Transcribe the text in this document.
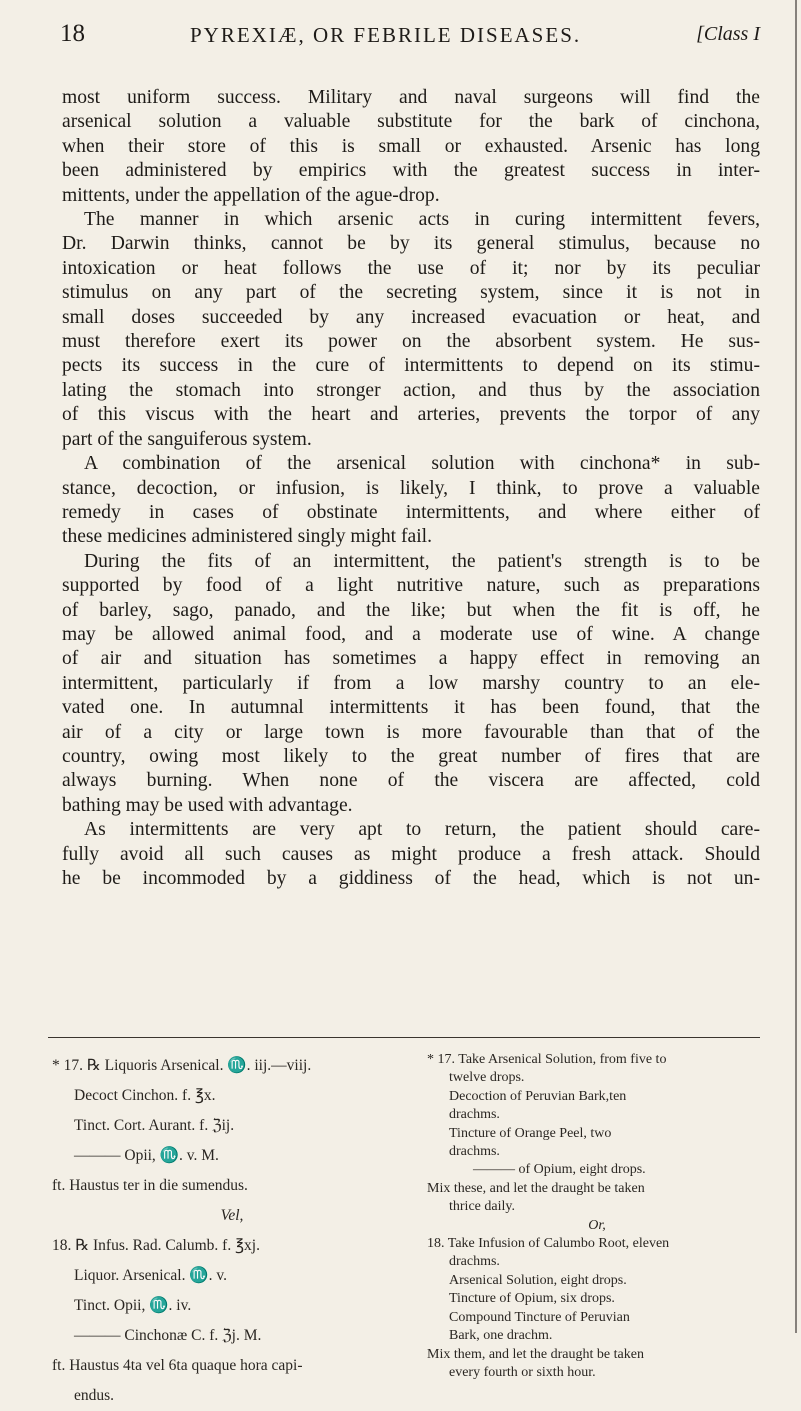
18	PYREXIÆ, OR FEBRILE DISEASES.	[Class I
most uniform success. Military and naval surgeons will find the
arsenical solution a valuable substitute for the bark of cinchona,
when their store of this is small or exhausted. Arsenic has long
been administered by empirics with the greatest success in inter-
mittents, under the appellation of the ague-drop.
The manner in which arsenic acts in curing intermittent fevers,
Dr. Darwin thinks, cannot be by its general stimulus, because no
intoxication or heat follows the use of it; nor by its peculiar
stimulus on any part of the secreting system, since it is not in
small doses succeeded by any increased evacuation or heat, and
must therefore exert its power on the absorbent system. He sus-
pects its success in the cure of intermittents to depend on its stimu-
lating the stomach into stronger action, and thus by the association
of this viscus with the heart and arteries, prevents the torpor of any
part of the sanguiferous system.
A combination of the arsenical solution with cinchona* in sub-
stance, decoction, or infusion, is likely, I think, to prove a valuable
remedy in cases of obstinate intermittents, and where either of
these medicines administered singly might fail.
During the fits of an intermittent, the patient's strength is to be
supported by food of a light nutritive nature, such as preparations
of barley, sago, panado, and the like; but when the fit is off, he
may be allowed animal food, and a moderate use of wine. A change
of air and situation has sometimes a happy effect in removing an
intermittent, particularly if from a low marshy country to an ele-
vated one. In autumnal intermittents it has been found, that the
air of a city or large town is more favourable than that of the
country, owing most likely to the great number of fires that are
always burning. When none of the viscera are affected, cold
bathing may be used with advantage.
As intermittents are very apt to return, the patient should care-
fully avoid all such causes as might produce a fresh attack. Should
he be incommoded by a giddiness of the head, which is not un-
* 17. ℞ Liquoris Arsenical. ♏. iij.—viij.
Decoct Cinchon. f. ℥x.
Tinct. Cort. Aurant. f. ℨij.
——— Opii, ♏. v. M.
ft. Haustus ter in die sumendus.
Vel,
18. ℞ Infus. Rad. Calumb. f. ℥xj.
Liquor. Arsenical. ♏. v.
Tinct. Opii, ♏. iv.
——— Cinchonæ C. f. ℨj. M.
ft. Haustus 4ta vel 6ta quaque hora capi-
endus.
* 17. Take Arsenical Solution, from five to
twelve drops.
Decoction of Peruvian Bark,ten
drachms.
Tincture of Orange Peel, two
drachms.
——— of Opium, eight drops.
Mix these, and let the draught be taken
thrice daily.
Or,
18. Take Infusion of Calumbo Root, eleven
drachms.
Arsenical Solution, eight drops.
Tincture of Opium, six drops.
Compound Tincture of Peruvian
Bark, one drachm.
Mix them, and let the draught be taken
every fourth or sixth hour.
